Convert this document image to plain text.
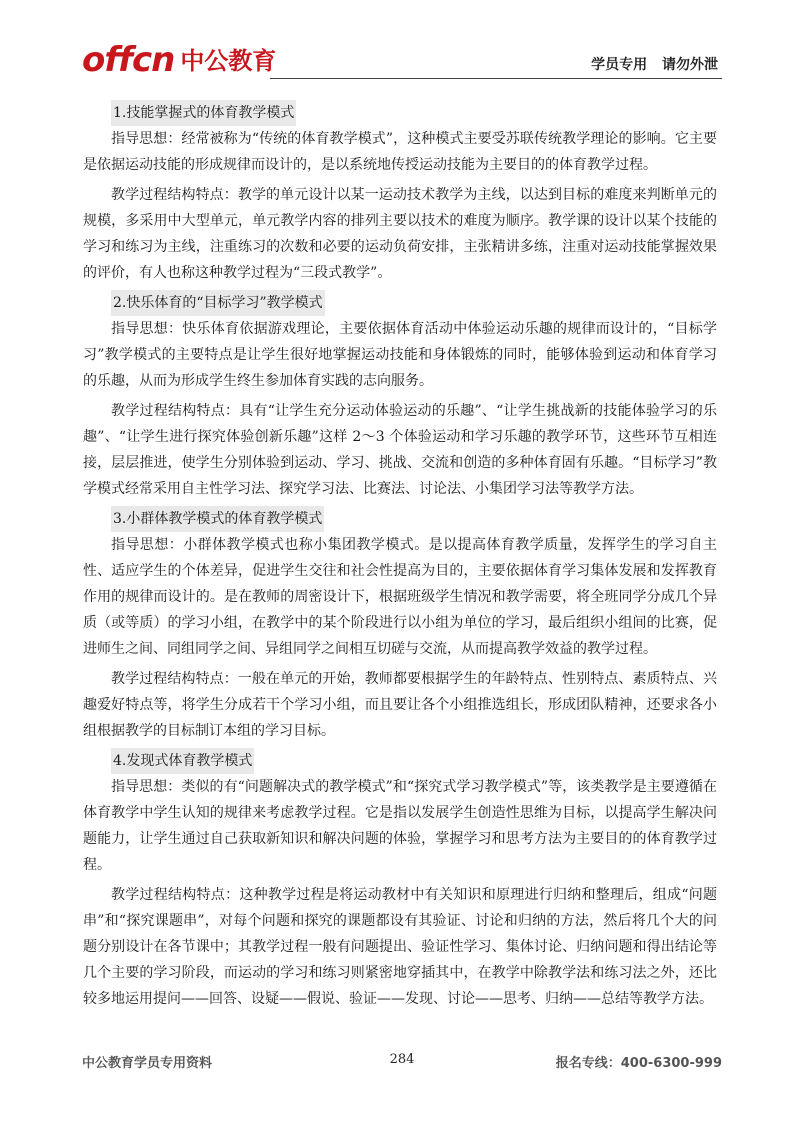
offcn 中公教育	学员专用 请勿外泄
1.技能掌握式的体育教学模式

指导思想：经常被称为“传统的体育教学模式”，这种模式主要受苏联传统教学理论的影响。它主要是依据运动技能的形成规律而设计的，是以系统地传授运动技能为主要目的的体育教学过程。

教学过程结构特点：教学的单元设计以某一运动技术教学为主线，以达到目标的难度来判断单元的规模，多采用中大型单元，单元教学内容的排列主要以技术的难度为顺序。教学课的设计以某个技能的学习和练习为主线，注重练习的次数和必要的运动负荷安排，主张精讲多练，注重对运动技能掌握效果的评价，有人也称这种教学过程为“三段式教学”。

2.快乐体育的“目标学习”教学模式

指导思想：快乐体育依据游戏理论，主要依据体育活动中体验运动乐趣的规律而设计的，“目标学习”教学模式的主要特点是让学生很好地掌握运动技能和身体锻炼的同时，能够体验到运动和体育学习的乐趣，从而为形成学生终生参加体育实践的志向服务。

教学过程结构特点：具有“让学生充分运动体验运动的乐趣”、“让学生挑战新的技能体验学习的乐趣”、“让学生进行探究体验创新乐趣”这样 2～3 个体验运动和学习乐趣的教学环节，这些环节互相连接，层层推进，使学生分别体验到运动、学习、挑战、交流和创造的多种体育固有乐趣。“目标学习”教学模式经常采用自主性学习法、探究学习法、比赛法、讨论法、小集团学习法等教学方法。

3.小群体教学模式的体育教学模式

指导思想：小群体教学模式也称小集团教学模式。是以提高体育教学质量，发挥学生的学习自主性、适应学生的个体差异，促进学生交往和社会性提高为目的，主要依据体育学习集体发展和发挥教育作用的规律而设计的。是在教师的周密设计下，根据班级学生情况和教学需要，将全班同学分成几个异质（或等质）的学习小组，在教学中的某个阶段进行以小组为单位的学习，最后组织小组间的比赛，促进师生之间、同组同学之间、异组同学之间相互切磋与交流，从而提高教学效益的教学过程。

教学过程结构特点：一般在单元的开始，教师都要根据学生的年龄特点、性别特点、素质特点、兴趣爱好特点等，将学生分成若干个学习小组，而且要让各个小组推选组长，形成团队精神，还要求各小组根据教学的目标制订本组的学习目标。

4.发现式体育教学模式

指导思想：类似的有“问题解决式的教学模式”和“探究式学习教学模式”等，该类教学是主要遵循在体育教学中学生认知的规律来考虑教学过程。它是指以发展学生创造性思维为目标，以提高学生解决问题能力，让学生通过自己获取新知识和解决问题的体验，掌握学习和思考方法为主要目的的体育教学过程。

教学过程结构特点：这种教学过程是将运动教材中有关知识和原理进行归纳和整理后，组成“问题串”和“探究课题串”，对每个问题和探究的课题都设有其验证、讨论和归纳的方法，然后将几个大的问题分别设计在各节课中；其教学过程一般有问题提出、验证性学习、集体讨论、归纳问题和得出结论等几个主要的学习阶段，而运动的学习和练习则紧密地穿插其中，在教学中除教学法和练习法之外，还比较多地运用提问——回答、设疑——假说、验证——发现、讨论——思考、归纳——总结等教学方法。

中公教育学员专用资料	284	报名专线：400-6300-999
